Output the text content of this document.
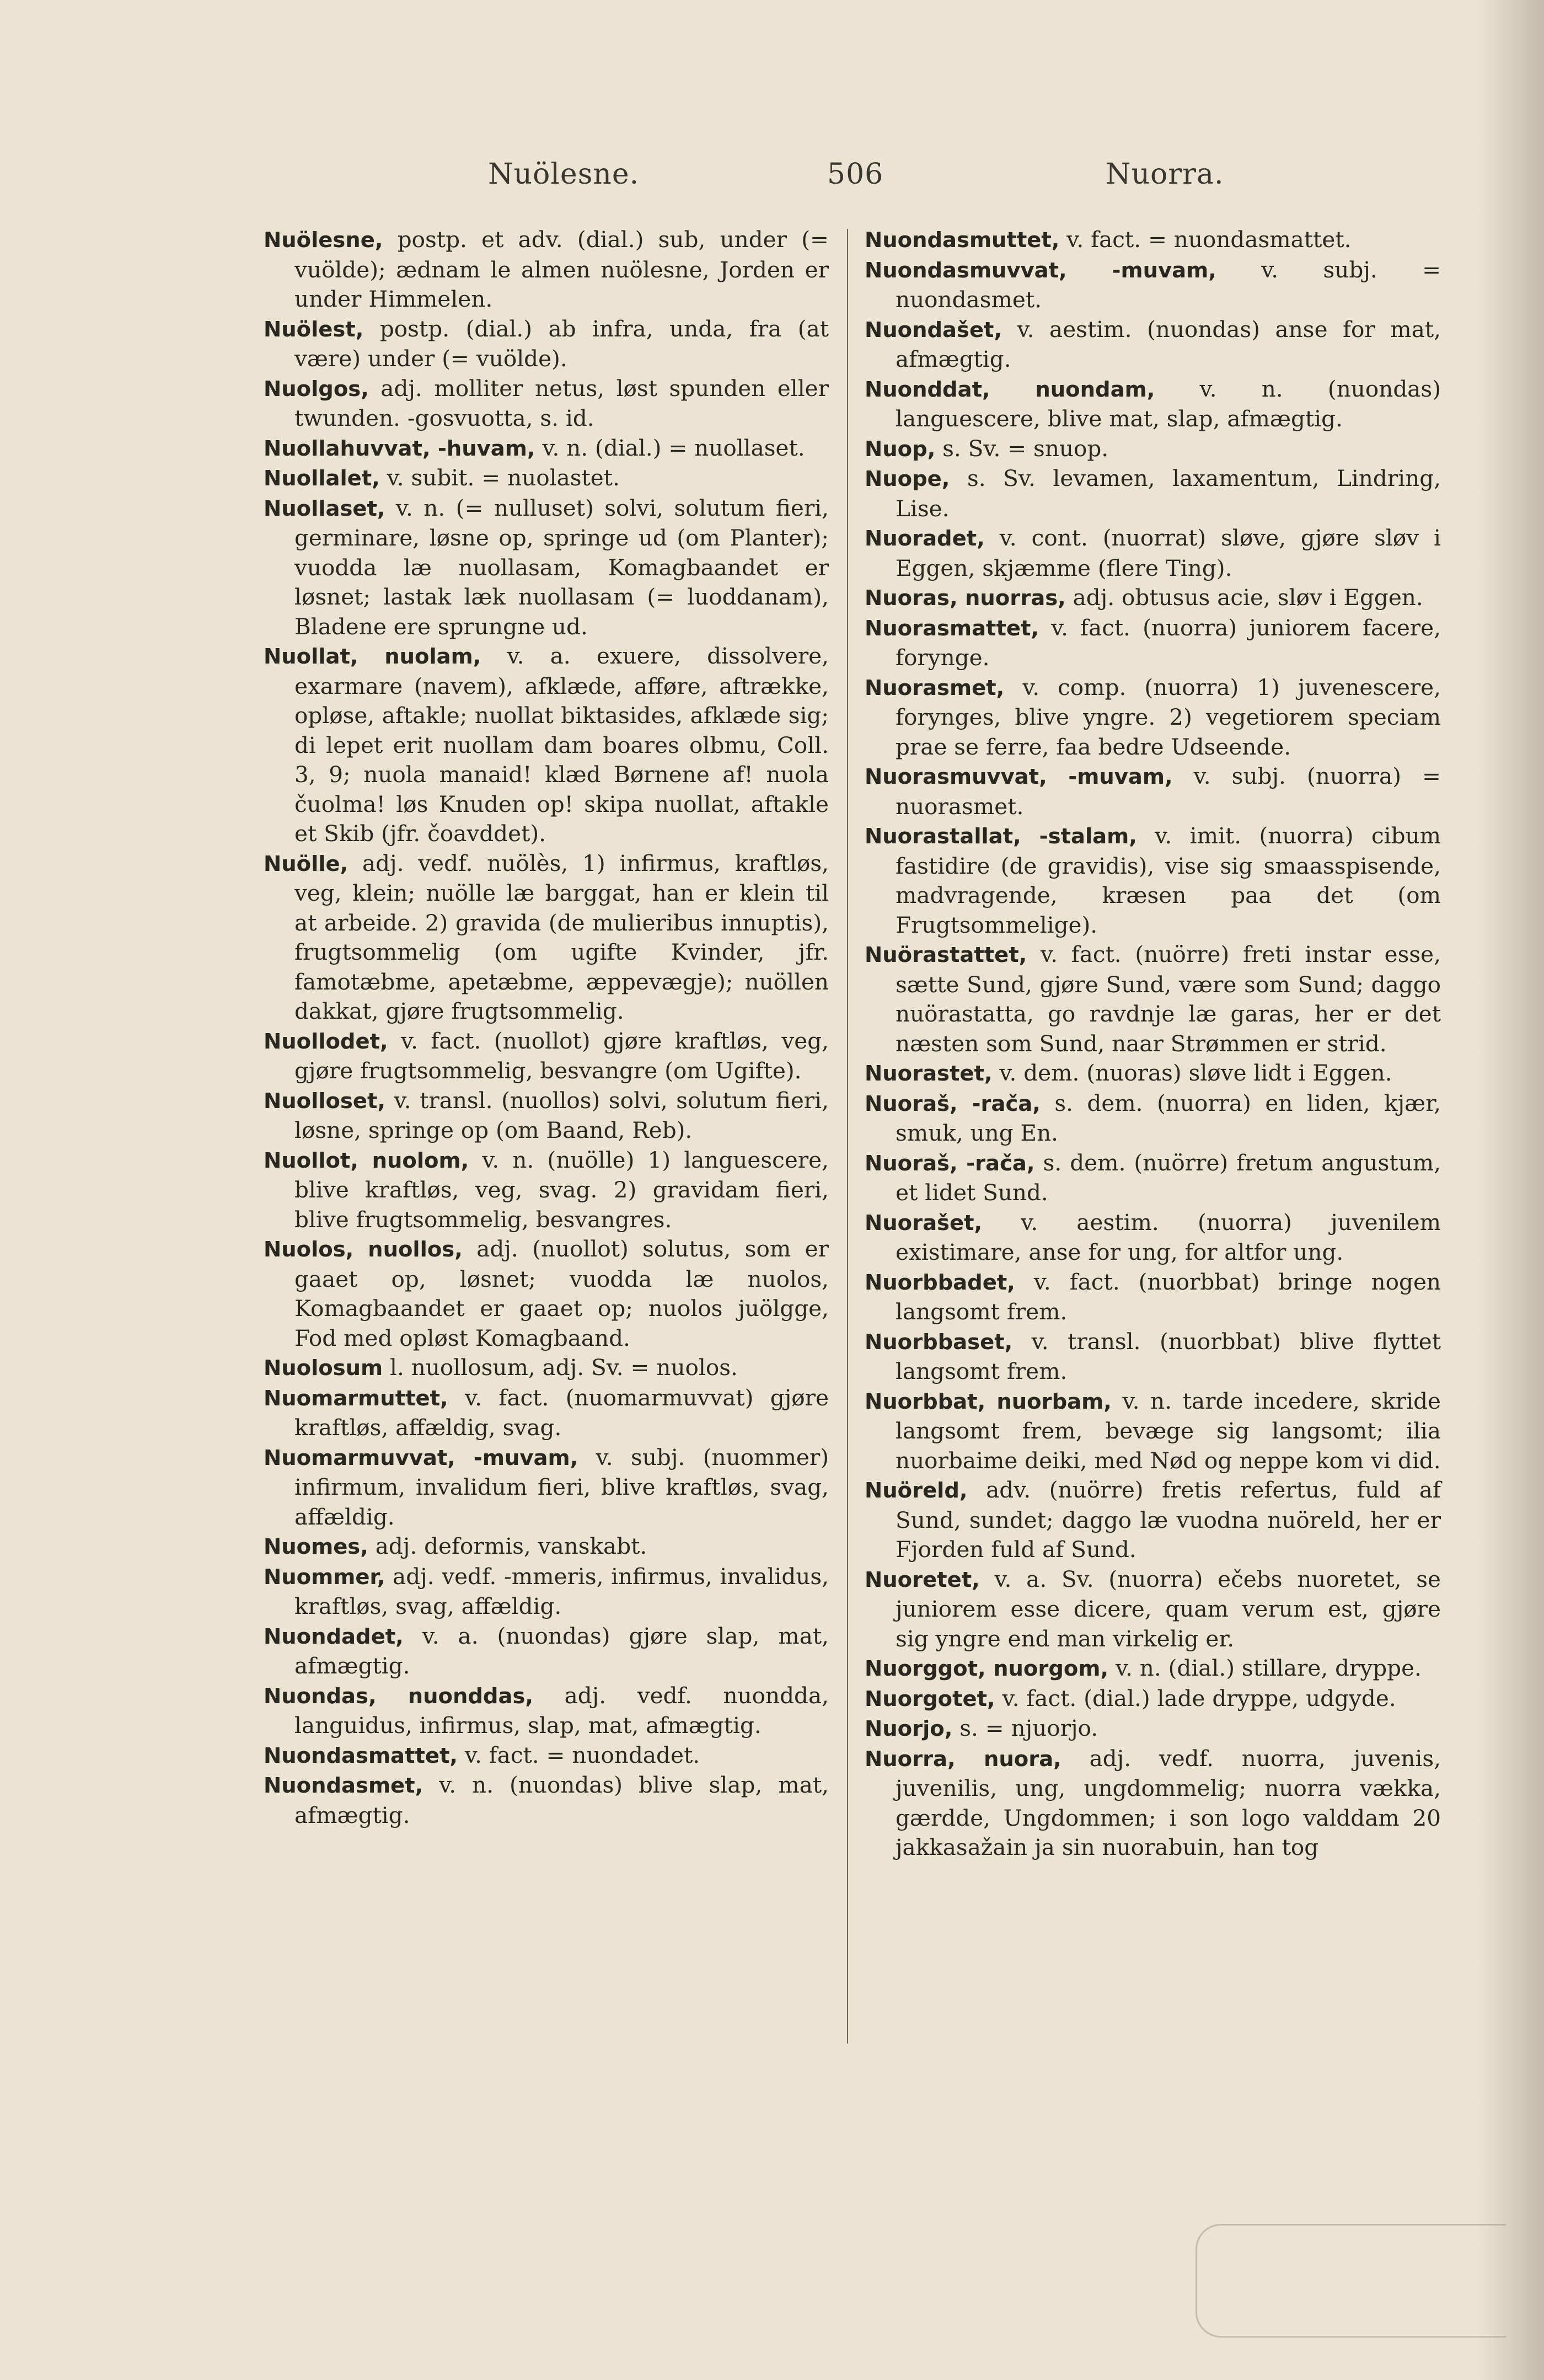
Nuölesne.	506	Nuorra.

Nuölesne, postp. et adv. (dial.) sub, under (= vuölde); ædnam le almen nuölesne, Jorden er under Himmelen.

Nuölest, postp. (dial.) ab infra, unda, fra (at være) under (= vuölde).

Nuolgos, adj. molliter netus, løst spunden eller twunden. -gosvuotta, s. id.

Nuollahuvvat, -huvam, v. n. (dial.) = nuollaset.

Nuollalet, v. subit. = nuolastet.

Nuollaset, v. n. (= nulluset) solvi, solutum fieri, germinare, løsne op, springe ud (om Planter); vuodda læ nuollasam, Komagbaandet er løsnet; lastak læk nuollasam (= luoddanam), Bladene ere sprungne ud.

Nuollat, nuolam, v. a. exuere, dissolvere, exarmare (navem), afklæde, afføre, aftrække, opløse, aftakle; nuollat biktasides, afklæde sig; di lepet erit nuollam dam boares olbmu, Coll. 3, 9; nuola manaid! klæd Børnene af! nuola čuolma! løs Knuden op! skipa nuollat, aftakle et Skib (jfr. čoavddet).

Nuölle, adj. vedf. nuölès, 1) infirmus, kraftløs, veg, klein; nuölle læ barggat, han er klein til at arbeide. 2) gravida (de mulieribus innuptis), frugtsommelig (om ugifte Kvinder, jfr. famotæbme, apetæbme, æppevægje); nuöllen dakkat, gjøre frugtsommelig.

Nuollodet, v. fact. (nuollot) gjøre kraftløs, veg, gjøre frugtsommelig, besvangre (om Ugifte).

Nuolloset, v. transl. (nuollos) solvi, solutum fieri, løsne, springe op (om Baand, Reb).

Nuollot, nuolom, v. n. (nuölle) 1) languescere, blive kraftløs, veg, svag. 2) gravidam fieri, blive frugtsommelig, besvangres.

Nuolos, nuollos, adj. (nuollot) solutus, som er gaaet op, løsnet; vuodda læ nuolos, Komagbaandet er gaaet op; nuolos juölgge, Fod med opløst Komagbaand.

Nuolosum l. nuollosum, adj. Sv. = nuolos.

Nuomarmuttet, v. fact. (nuomarmuvvat) gjøre kraftløs, affældig, svag.

Nuomarmuvvat, -muvam, v. subj. (nuommer) infirmum, invalidum fieri, blive kraftløs, svag, affældig.

Nuomes, adj. deformis, vanskabt.

Nuommer, adj. vedf. -mmeris, infirmus, invalidus, kraftløs, svag, affældig.

Nuondadet, v. a. (nuondas) gjøre slap, mat, afmægtig.

Nuondas, nuonddas, adj. vedf. nuondda, languidus, infirmus, slap, mat, afmægtig.

Nuondasmattet, v. fact. = nuondadet.

Nuondasmet, v. n. (nuondas) blive slap, mat, afmægtig.

Nuondasmuttet, v. fact. = nuondasmattet.

Nuondasmuvvat, -muvam, v. subj. = nuondasmet.

Nuondašet, v. aestim. (nuondas) anse for mat, afmægtig.

Nuonddat, nuondam, v. n. (nuondas) languescere, blive mat, slap, afmægtig.

Nuop, s. Sv. = snuop.

Nuope, s. Sv. levamen, laxamentum, Lindring, Lise.

Nuoradet, v. cont. (nuorrat) sløve, gjøre sløv i Eggen, skjæmme (flere Ting).

Nuoras, nuorras, adj. obtusus acie, sløv i Eggen.

Nuorasmattet, v. fact. (nuorra) juniorem facere, forynge.

Nuorasmet, v. comp. (nuorra) 1) juvenescere, forynges, blive yngre. 2) vegetiorem speciam prae se ferre, faa bedre Udseende.

Nuorasmuvvat, -muvam, v. subj. (nuorra) = nuorasmet.

Nuorastallat, -stalam, v. imit. (nuorra) cibum fastidire (de gravidis), vise sig smaasspisende, madvragende, kræsen paa det (om Frugtsommelige).

Nuörastattet, v. fact. (nuörre) freti instar esse, sætte Sund, gjøre Sund, være som Sund; daggo nuörastatta, go ravdnje læ garas, her er det næsten som Sund, naar Strømmen er strid.

Nuorastet, v. dem. (nuoras) sløve lidt i Eggen.

Nuoraš, -rača, s. dem. (nuorra) en liden, kjær, smuk, ung En.

Nuoraš, -rača, s. dem. (nuörre) fretum angustum, et lidet Sund.

Nuorašet, v. aestim. (nuorra) juvenilem existimare, anse for ung, for altfor ung.

Nuorbbadet, v. fact. (nuorbbat) bringe nogen langsomt frem.

Nuorbbaset, v. transl. (nuorbbat) blive flyttet langsomt frem.

Nuorbbat, nuorbam, v. n. tarde incedere, skride langsomt frem, bevæge sig langsomt; ilia nuorbaime deiki, med Nød og neppe kom vi did.

Nuöreld, adv. (nuörre) fretis refertus, fuld af Sund, sundet; daggo læ vuodna nuöreld, her er Fjorden fuld af Sund.

Nuoretet, v. a. Sv. (nuorra) ečebs nuoretet, se juniorem esse dicere, quam verum est, gjøre sig yngre end man virkelig er.

Nuorggot, nuorgom, v. n. (dial.) stillare, dryppe.

Nuorgotet, v. fact. (dial.) lade dryppe, udgyde.

Nuorjo, s. = njuorjo.

Nuorra, nuora, adj. vedf. nuorra, juvenis, juvenilis, ung, ungdommelig; nuorra vækka, gærdde, Ungdommen; i son logo valddam 20 jakkasažain ja sin nuorabuin, han tog
